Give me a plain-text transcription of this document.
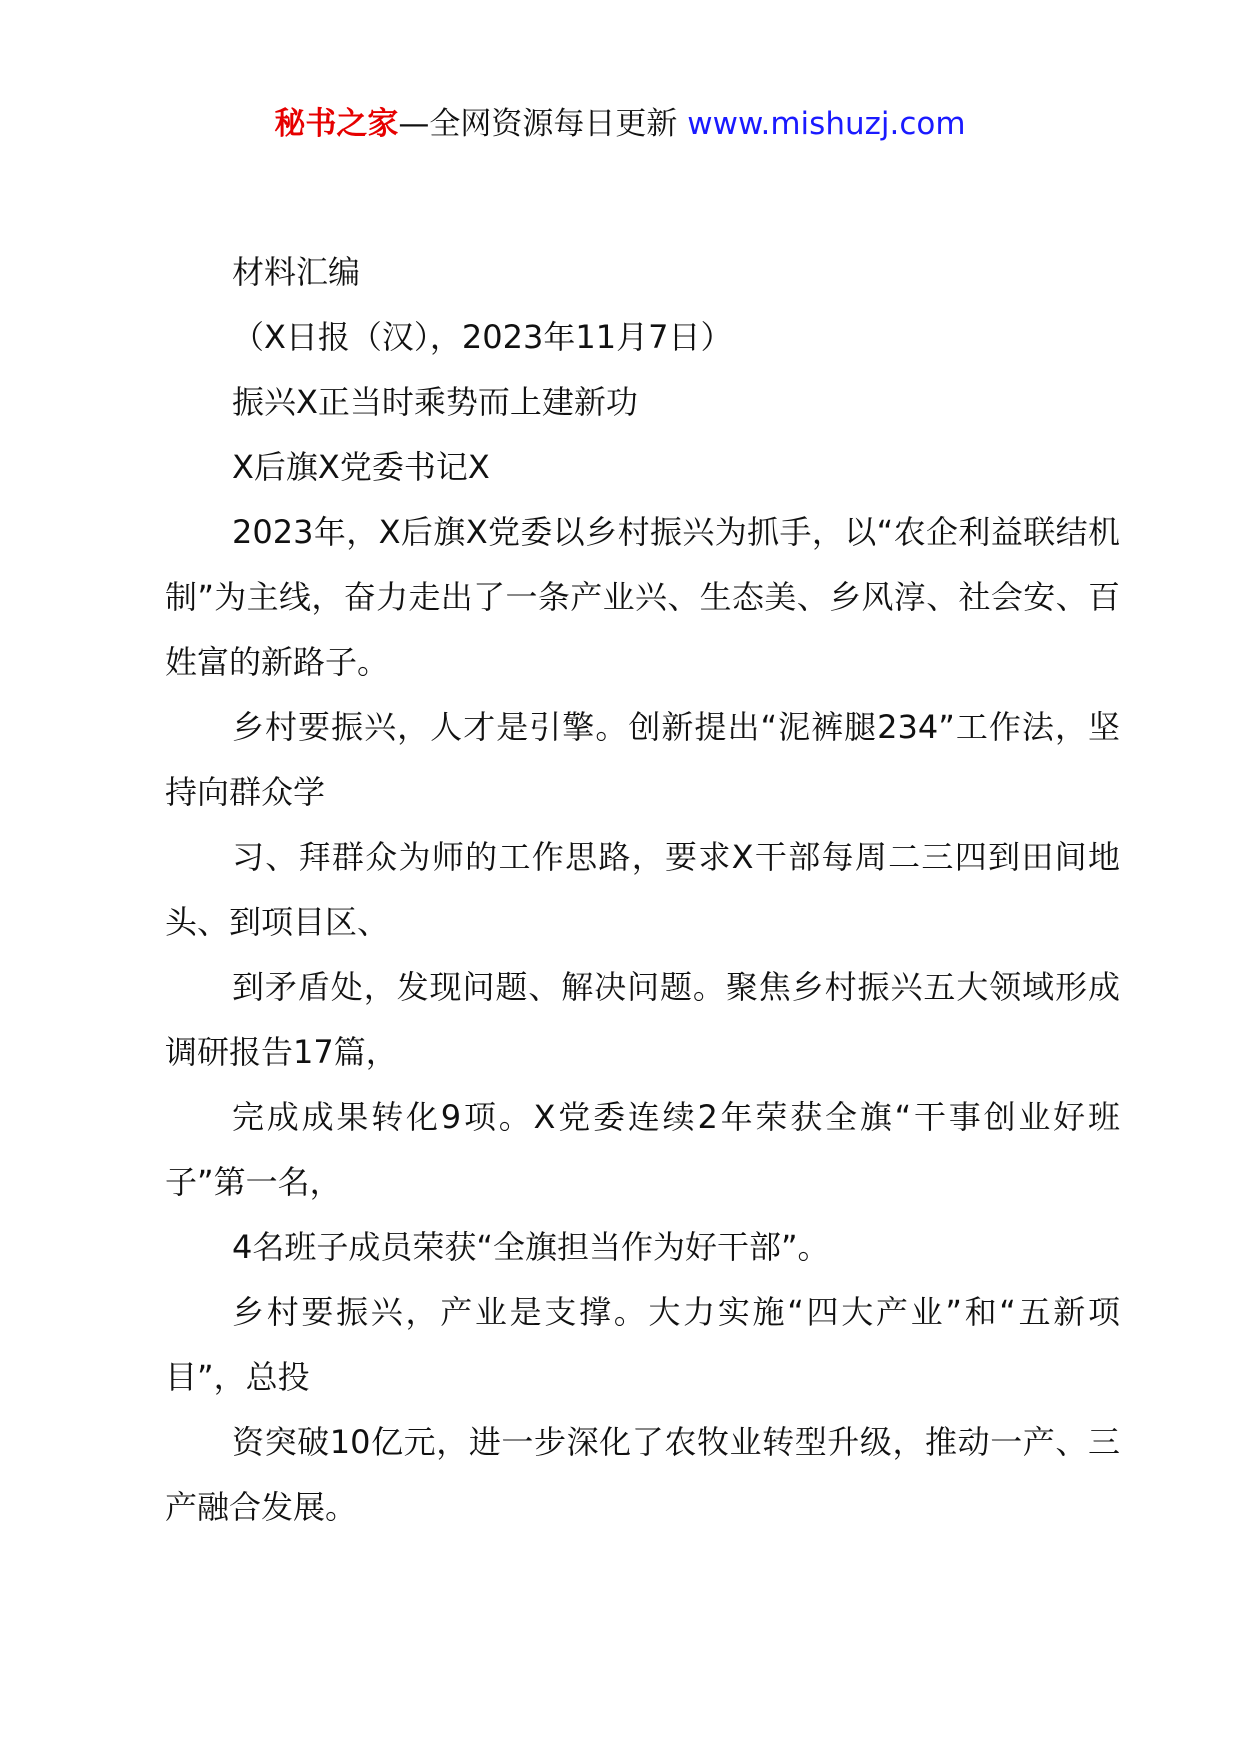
秘书之家—全网资源每日更新 www.mishuzj.com

材料汇编

（X日报（汉），2023年11月7日）

振兴X正当时乘势而上建新功

X后旗X党委书记X

2023年，X后旗X党委以乡村振兴为抓手，以“农企利益联结机制”为主线，奋力走出了一条产业兴、生态美、乡风淳、社会安、百姓富的新路子。

乡村要振兴，人才是引擎。创新提出“泥裤腿234”工作法，坚持向群众学

习、拜群众为师的工作思路，要求X干部每周二三四到田间地头、到项目区、

到矛盾处，发现问题、解决问题。聚焦乡村振兴五大领域形成调研报告17篇，

完成成果转化9项。X党委连续2年荣获全旗“干事创业好班子”第一名，

4名班子成员荣获“全旗担当作为好干部”。

乡村要振兴，产业是支撑。大力实施“四大产业”和“五新项目”，总投

资突破10亿元，进一步深化了农牧业转型升级，推动一产、三产融合发展。
